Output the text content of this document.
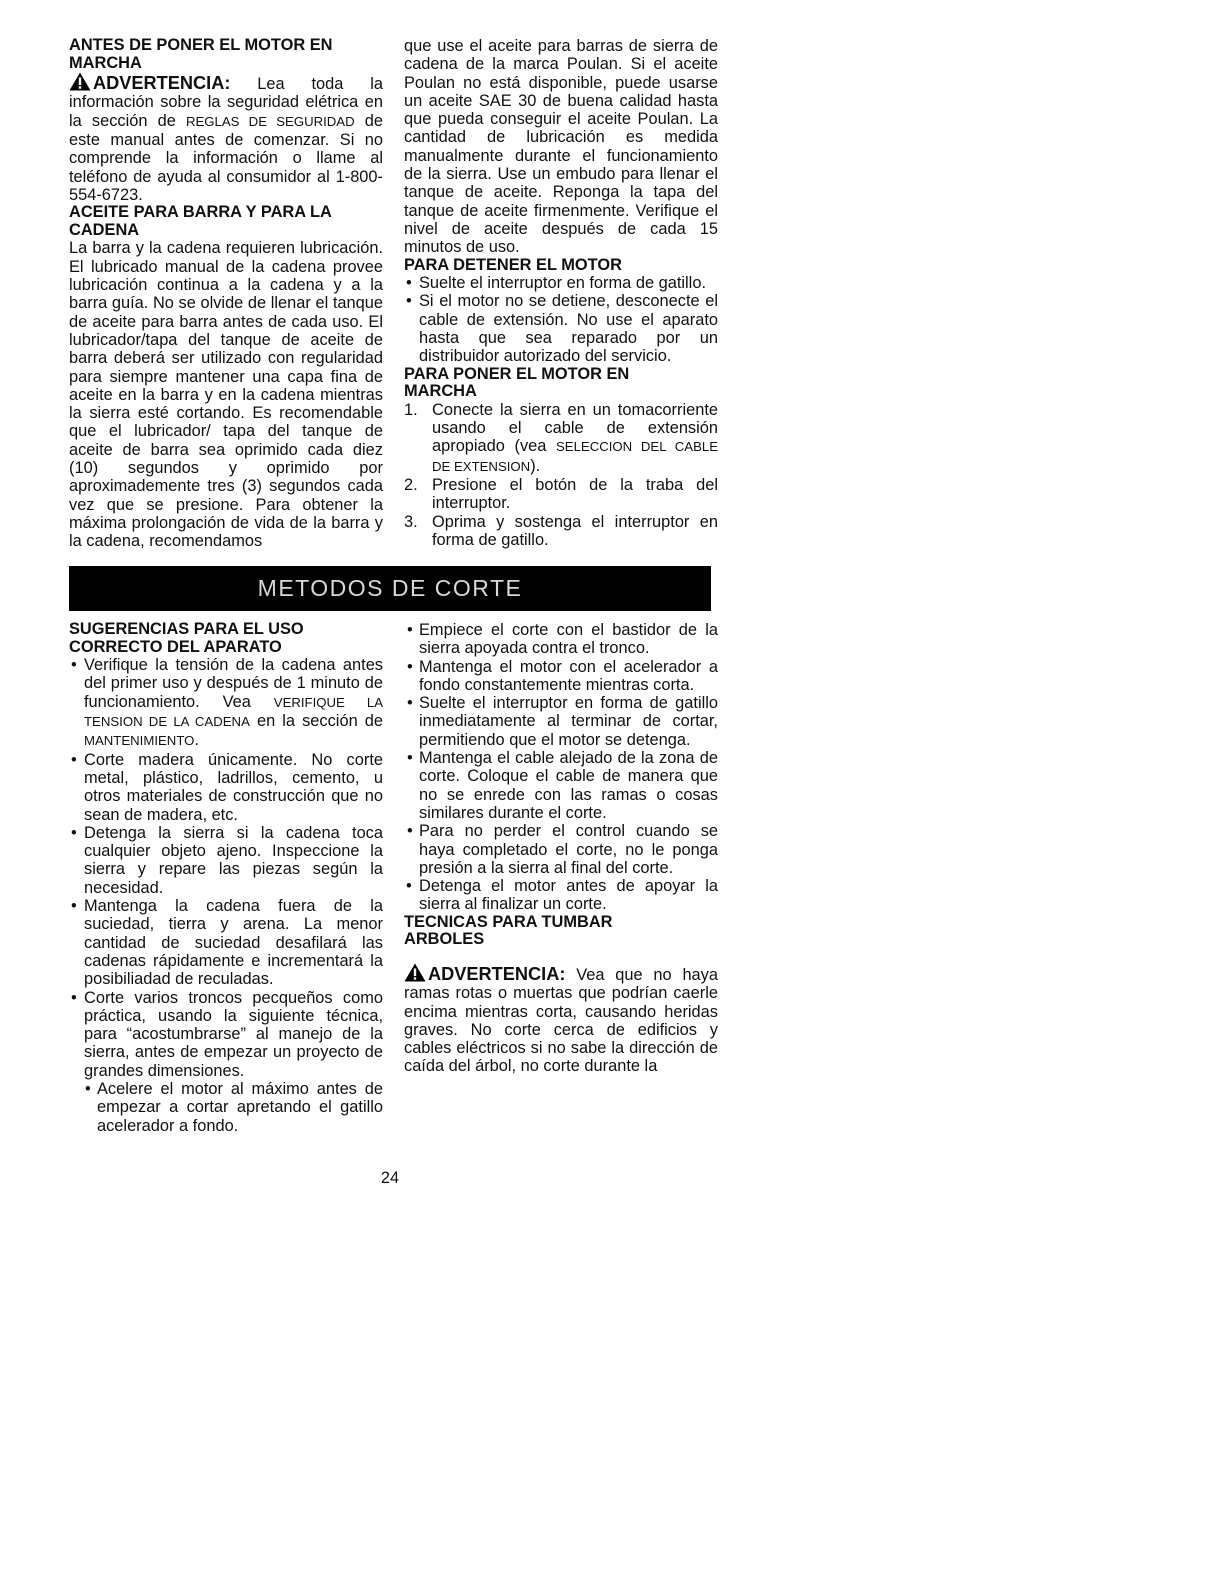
ANTES DE PONER EL MOTOR EN MARCHA

ADVERTENCIA: Lea toda la información sobre la seguridad elétrica en la sección de REGLAS DE SEGURIDAD de este manual antes de comenzar. Si no comprende la información o llame al teléfono de ayuda al consumidor al 1-800-554-6723.

ACEITE PARA BARRA Y PARA LA CADENA

La barra y la cadena requieren lubricación. El lubricado manual de la cadena provee lubricación continua a la cadena y a la barra guía. No se olvide de llenar el tanque de aceite para barra antes de cada uso. El lubricador/tapa del tanque de aceite de barra deberá ser utilizado con regularidad para siempre mantener una capa fina de aceite en la barra y en la cadena mientras la sierra esté cortando. Es recomendable que el lubricador/ tapa del tanque de aceite de barra sea oprimido cada diez (10) segundos y oprimido por aproximademente tres (3) segundos cada vez que se presione. Para obtener la máxima prolongación de vida de la barra y la cadena, recomendamos

que use el aceite para barras de sierra de cadena de la marca Poulan. Si el aceite Poulan no está disponible, puede usarse un aceite SAE 30 de buena calidad hasta que pueda conseguir el aceite Poulan. La cantidad de lubricación es medida manualmente durante el funcionamiento de la sierra. Use un embudo para llenar el tanque de aceite. Reponga la tapa del tanque de aceite firmenmente. Verifique el nivel de aceite después de cada 15 minutos de uso.

PARA DETENER EL MOTOR
• Suelte el interruptor en forma de gatillo.
• Si el motor no se detiene, desconecte el cable de extensión. No use el aparato hasta que sea reparado por un distribuidor autorizado del servicio.
PARA PONER EL MOTOR EN MARCHA
1. Conecte la sierra en un tomacorriente usando el cable de extensión apropiado (vea SELECCION DEL CABLE DE EXTENSION).
2. Presione el botón de la traba del interruptor.
3. Oprima y sostenga el interruptor en forma de gatillo.
METODOS DE CORTE
SUGERENCIAS PARA EL USO CORRECTO DEL APARATO
• Verifique la tensión de la cadena antes del primer uso y después de 1 minuto de funcionamiento. Vea VERIFIQUE LA TENSION DE LA CADENA en la sección de MANTENIMIENTO.
• Corte madera únicamente. No corte metal, plástico, ladrillos, cemento, u otros materiales de construcción que no sean de madera, etc.
• Detenga la sierra si la cadena toca cualquier objeto ajeno. Inspeccione la sierra y repare las piezas según la necesidad.
• Mantenga la cadena fuera de la suciedad, tierra y arena. La menor cantidad de suciedad desafilará las cadenas rápidamente e incrementará la posibiliadad de reculadas.
• Corte varios troncos pecqueños como práctica, usando la siguiente técnica, para “acostumbrarse” al manejo de la sierra, antes de empezar un proyecto de grandes dimensiones.
• Acelere el motor al máximo antes de empezar a cortar apretando el gatillo acelerador a fondo.
• Empiece el corte con el bastidor de la sierra apoyada contra el tronco.
• Mantenga el motor con el acelerador a fondo constantemente mientras corta.
• Suelte el interruptor en forma de gatillo inmediatamente al terminar de cortar, permitiendo que el motor se detenga.
• Mantenga el cable alejado de la zona de corte. Coloque el cable de manera que no se enrede con las ramas o cosas similares durante el corte.
• Para no perder el control cuando se haya completado el corte, no le ponga presión a la sierra al final del corte.
• Detenga el motor antes de apoyar la sierra al finalizar un corte.
TECNICAS PARA TUMBAR ARBOLES

ADVERTENCIA: Vea que no haya ramas rotas o muertas que podrían caerle encima mientras corta, causando heridas graves. No corte cerca de edificios y cables eléctricos si no sabe la dirección de caída del árbol, no corte durante la

24
